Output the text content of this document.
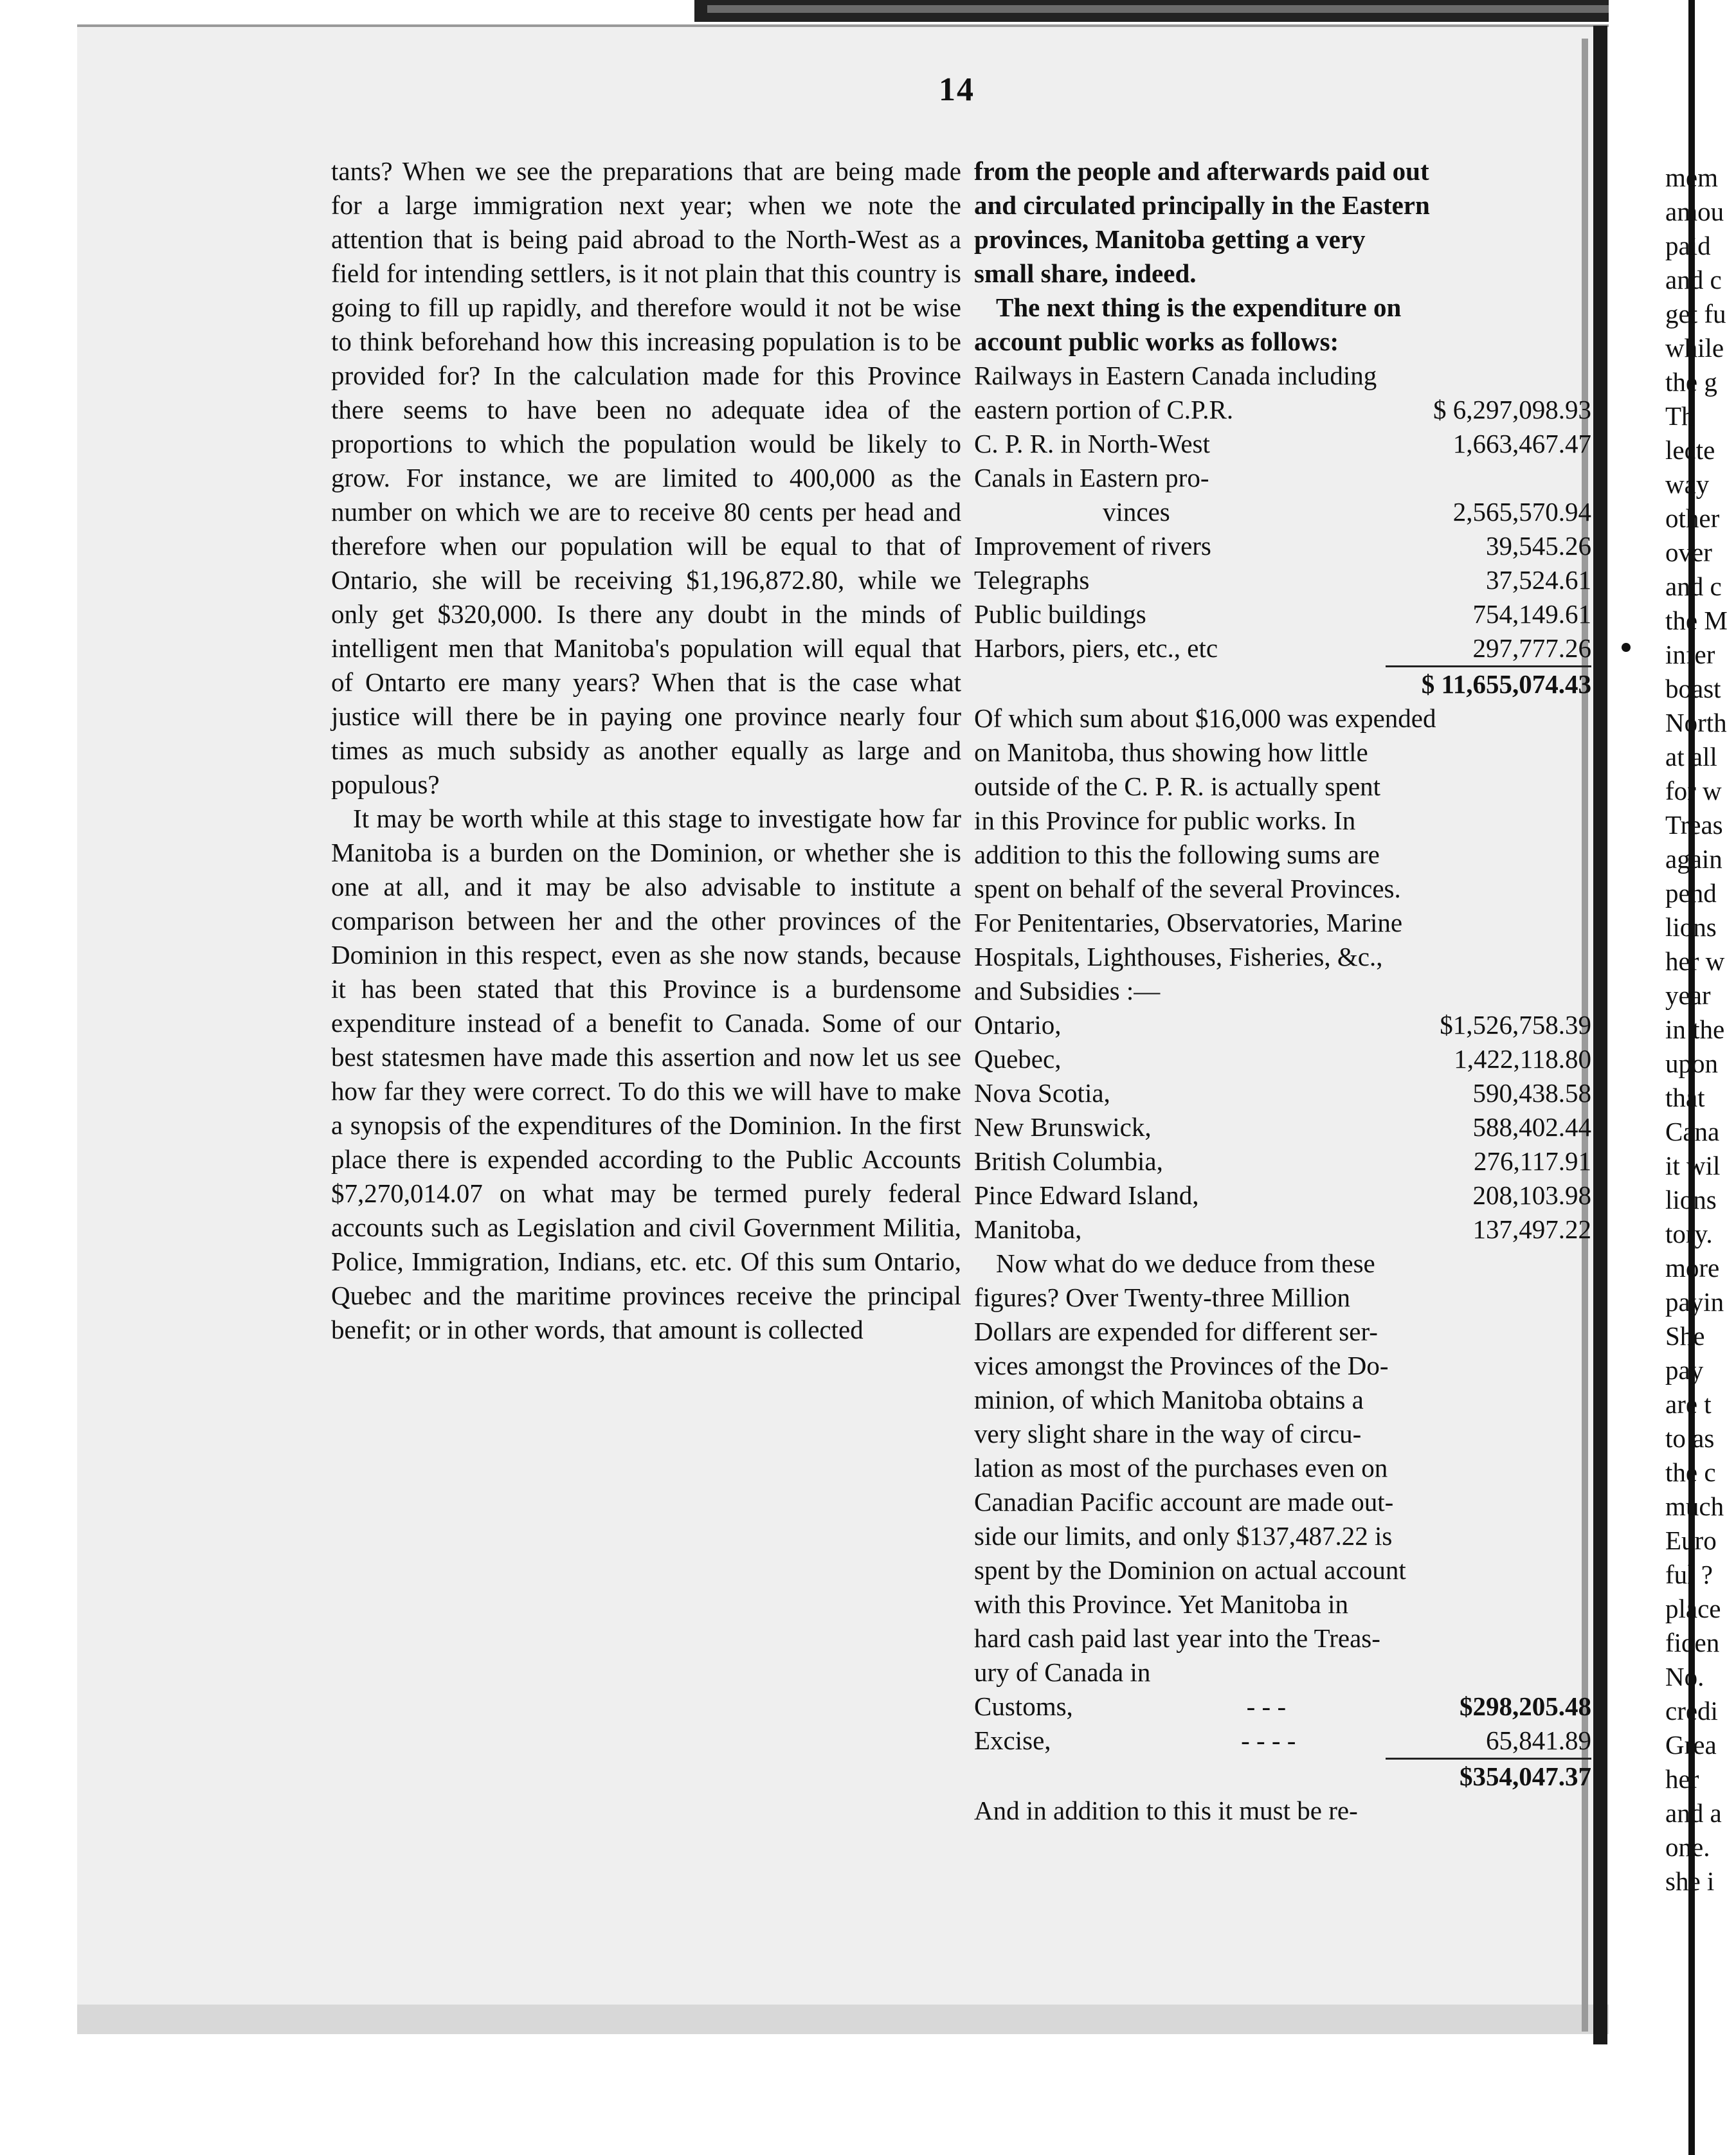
14

tants? When we see the preparations that are being made for a large immigration next year; when we note the attention that is being paid abroad to the North-West as a field for intending settlers, is it not plain that this country is going to fill up rapidly, and therefore would it not be wise to think beforehand how this increasing population is to be provided for? In the calculation made for this Province there seems to have been no adequate idea of the proportions to which the population would be likely to grow. For instance, we are limited to 400,000 as the number on which we are to receive 80 cents per head and therefore when our population will be equal to that of Ontario, she will be receiving $1,196,872.80, while we only get $320,000. Is there any doubt in the minds of intelligent men that Manitoba's population will equal that of Ontarto ere many years? When that is the case what justice will there be in paying one province nearly four times as much subsidy as another equally as large and populous?

It may be worth while at this stage to investigate how far Manitoba is a burden on the Dominion, or whether she is one at all, and it may be also advisable to institute a comparison between her and the other provinces of the Dominion in this respect, even as she now stands, because it has been stated that this Province is a burdensome expenditure instead of a benefit to Canada. Some of our best statesmen have made this assertion and now let us see how far they were correct. To do this we will have to make a synopsis of the expenditures of the Dominion. In the first place there is expended according to the Public Accounts $7,270,014.07 on what may be termed purely federal accounts such as Legislation and civil Government Militia, Police, Immigration, Indians, etc. etc. Of this sum Ontario, Quebec and the maritime provinces receive the principal benefit; or in other words, that amount is collected

from the people and afterwards paid out
and circulated principally in the Eastern
provinces, Manitoba getting a very
small share, indeed.
The next thing is the expenditure on
account public works as follows:
Railways in Eastern Canada including
eastern portion of C.P.R.	$ 6,297,098.93
C. P. R. in North-West	1,663,467.47
Canals in Eastern pro-
vinces	2,565,570.94
Improvement of rivers	39,545.26
Telegraphs	37,524.61
Public buildings	754,149.61
Harbors, piers, etc., etc	297,777.26
$ 11,655,074.43
Of which sum about $16,000 was expended
on Manitoba, thus showing how little
outside of the C. P. R. is actually spent
in this Province for public works. In
addition to this the following sums are
spent on behalf of the several Provinces.
For Penitentaries, Observatories, Marine
Hospitals, Lighthouses, Fisheries, &c.,
and Subsidies :—
Ontario,	$1,526,758.39
Quebec,	1,422,118.80
Nova Scotia,	590,438.58
New Brunswick,	588,402.44
British Columbia,	276,117.91
Pince Edward Island,	208,103.98
Manitoba,	137,497.22
Now what do we deduce from these
figures? Over Twenty-three Million
Dollars are expended for different ser-
vices amongst the Provinces of the Do-
minion, of which Manitoba obtains a
very slight share in the way of circu-
lation as most of the purchases even on
Canadian Pacific account are made out-
side our limits, and only $137,487.22 is
spent by the Dominion on actual account
with this Province. Yet Manitoba in
hard cash paid last year into the Treas-
ury of Canada in
Customs,	- - -	$298,205.48
Excise,	- - - -	65,841.89
$354,047.37
And in addition to this it must be re-
mem
amou
paid
and c
get fu
while
the g
Th
lecte
way
other
over
and c
the M
infer
boast
North
at all
for w
Treas
again
pend
lions
her w
year
in the
upon
that
Cana
it wil
lions
tory.
more
payin
She
pay
are t
to as
the c
much
Euro
ful ?
place
fiden
No.
credi
Grea
her
and a
one.
she i
